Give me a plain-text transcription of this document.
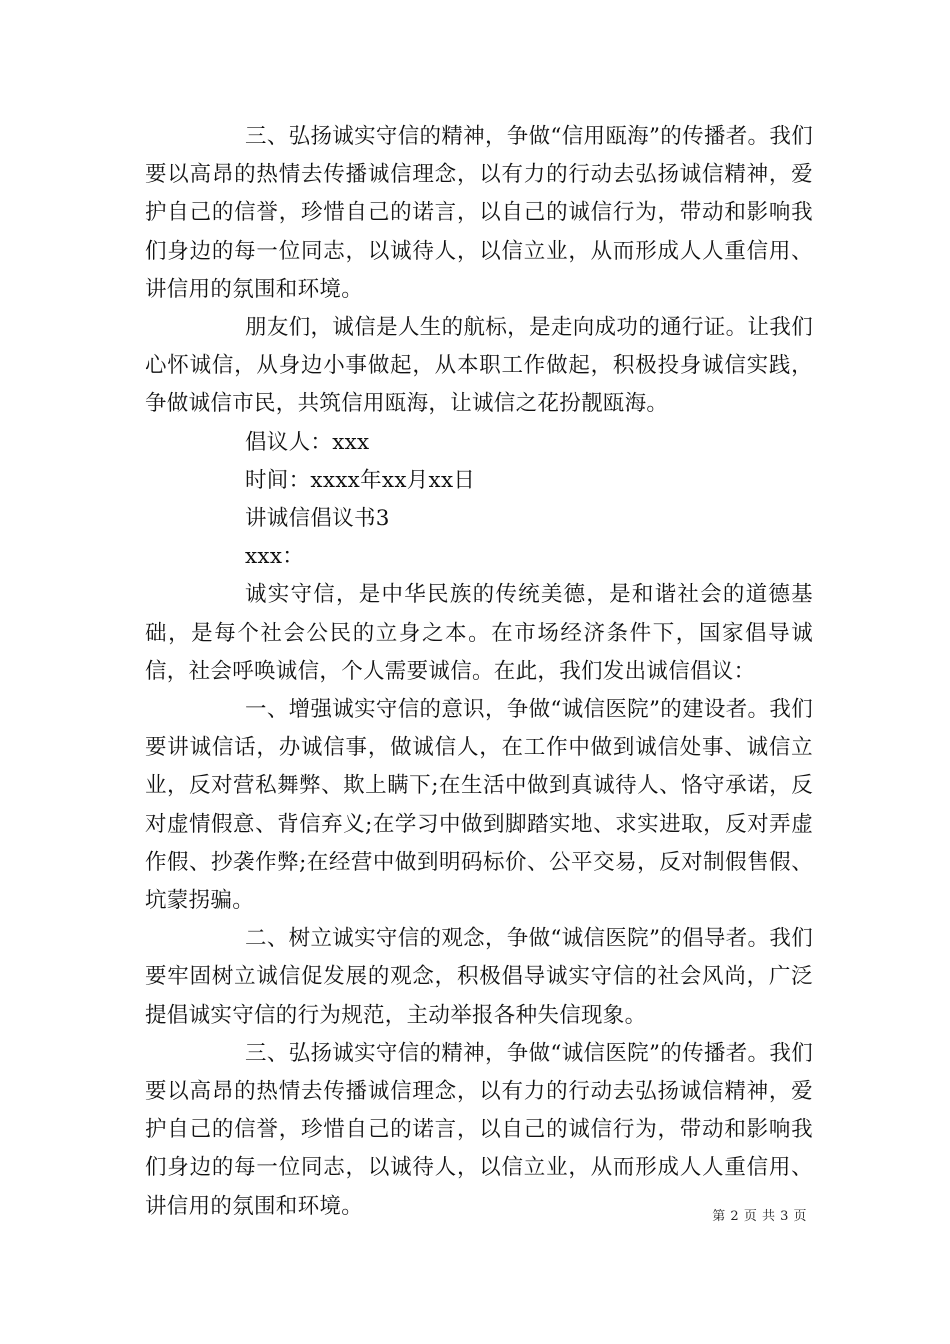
三、弘扬诚实守信的精神，争做“信用瓯海”的传播者。我们要以高昂的热情去传播诚信理念，以有力的行动去弘扬诚信精神，爱护自己的信誉，珍惜自己的诺言，以自己的诚信行为，带动和影响我们身边的每一位同志，以诚待人，以信立业，从而形成人人重信用、讲信用的氛围和环境。

朋友们，诚信是人生的航标，是走向成功的通行证。让我们心怀诚信，从身边小事做起，从本职工作做起，积极投身诚信实践，争做诚信市民，共筑信用瓯海，让诚信之花扮靓瓯海。

倡议人：xxx

时间：xxxx年xx月xx日

讲诚信倡议书3

xxx：

诚实守信，是中华民族的传统美德，是和谐社会的道德基础，是每个社会公民的立身之本。在市场经济条件下，国家倡导诚信，社会呼唤诚信，个人需要诚信。在此，我们发出诚信倡议：

一、增强诚实守信的意识，争做“诚信医院”的建设者。我们要讲诚信话，办诚信事，做诚信人，在工作中做到诚信处事、诚信立业，反对营私舞弊、欺上瞒下;在生活中做到真诚待人、恪守承诺，反对虚情假意、背信弃义;在学习中做到脚踏实地、求实进取，反对弄虚作假、抄袭作弊;在经营中做到明码标价、公平交易，反对制假售假、坑蒙拐骗。

二、树立诚实守信的观念，争做“诚信医院”的倡导者。我们要牢固树立诚信促发展的观念，积极倡导诚实守信的社会风尚，广泛提倡诚实守信的行为规范，主动举报各种失信现象。

三、弘扬诚实守信的精神，争做“诚信医院”的传播者。我们要以高昂的热情去传播诚信理念，以有力的行动去弘扬诚信精神，爱护自己的信誉，珍惜自己的诺言，以自己的诚信行为，带动和影响我们身边的每一位同志，以诚待人，以信立业，从而形成人人重信用、讲信用的氛围和环境。	第 2 页 共 3 页
